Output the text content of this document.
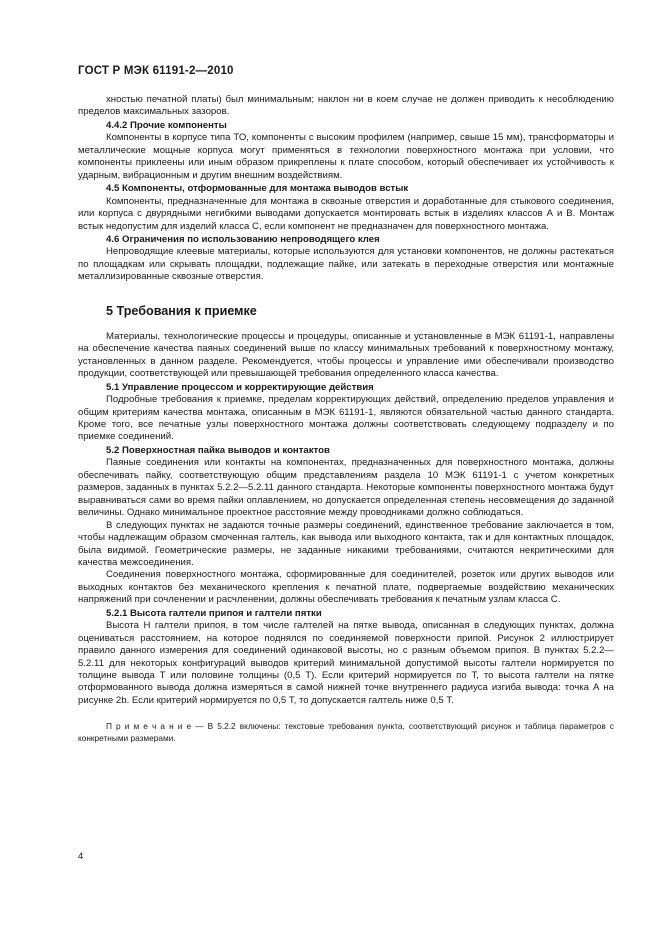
ГОСТ Р МЭК 61191-2—2010

хностью печатной платы) был минимальным; наклон ни в коем случае не должен приводить к несоблюдению пределов максимальных зазоров.

4.4.2 Прочие компоненты

Компоненты в корпусе типа ТО, компоненты с высоким профилем (например, свыше 15 мм), трансформаторы и металлические мощные корпуса могут применяться в технологии поверхностного монтажа при условии, что компоненты приклеены или иным образом прикреплены к плате способом, который обеспечивает их устойчивость к ударным, вибрационным и другим внешним воздействиям.

4.5 Компоненты, отформованные для монтажа выводов встык

Компоненты, предназначенные для монтажа в сквозные отверстия и доработанные для стыкового соединения, или корпуса с двурядными негибкими выводами допускается монтировать встык в изделиях классов А и В. Монтаж встык недопустим для изделий класса С, если компонент не предназначен для поверхностного монтажа.

4.6 Ограничения по использованию непроводящего клея

Непроводящие клеевые материалы, которые используются для установки компонентов, не должны растекаться по площадкам или скрывать площадки, подлежащие пайке, или затекать в переходные отверстия или монтажные металлизированные сквозные отверстия.

5 Требования к приемке

Материалы, технологические процессы и процедуры, описанные и установленные в МЭК 61191-1, направлены на обеспечение качества паяных соединений выше по классу минимальных требований к поверхностному монтажу, установленных в данном разделе. Рекомендуется, чтобы процессы и управление ими обеспечивали производство продукции, соответствующей или превышающей требования определенного класса качества.

5.1 Управление процессом и корректирующие действия

Подробные требования к приемке, пределам корректирующих действий, определению пределов управления и общим критериям качества монтажа, описанным в МЭК 61191-1, являются обязательной частью данного стандарта. Кроме того, все печатные узлы поверхностного монтажа должны соответствовать следующему подразделу и по приемке соединений.

5.2 Поверхностная пайка выводов и контактов

Паяные соединения или контакты на компонентах, предназначенных для поверхностного монтажа, должны обеспечивать пайку, соответствующую общим представлениям раздела 10 МЭК 61191-1 с учетом конкретных размеров, заданных в пунктах 5.2.2—5.2.11 данного стандарта. Некоторые компоненты поверхностного монтажа будут выравниваться сами во время пайки оплавлением, но допускается определенная степень несовмещения до заданной величины. Однако минимальное проектное расстояние между проводниками должно соблюдаться.

В следующих пунктах не задаются точные размеры соединений, единственное требование заключается в том, чтобы надлежащим образом смоченная галтель, как вывода или выходного контакта, так и для контактных площадок, была видимой. Геометрические размеры, не заданные никакими требованиями, считаются некритическими для качества межсоединения.

Соединения поверхностного монтажа, сформированные для соединителей, розеток или других выводов или выходных контактов без механического крепления к печатной плате, подвергаемые воздействию механических напряжений при сочленении и расчленении, должны обеспечивать требования к печатным узлам класса С.

5.2.1 Высота галтели припоя и галтели пятки

Высота H галтели припоя, в том числе галтелей на пятке вывода, описанная в следующих пунктах, должна оцениваться расстоянием, на которое поднялся по соединяемой поверхности припой. Рисунок 2 иллюстрирует правило данного измерения для соединений одинаковой высоты, но с разным объемом припоя. В пунктах 5.2.2—5.2.11 для некоторых конфигураций выводов критерий минимальной допустимой высоты галтели нормируется по толщине вывода T или половине толщины (0,5 T). Если критерий нормируется по T, то высота галтели на пятке отформованного вывода должна измеряться в самой нижней точке внутреннего радиуса изгиба вывода: точка А на рисунке 2b. Если критерий нормируется по 0,5 T, то допускается галтель ниже 0,5 T.

П р и м е ч а н и е — В 5.2.2 включены: текстовые требования пункта, соответствующий рисунок и таблица параметров с конкретными размерами.
4
